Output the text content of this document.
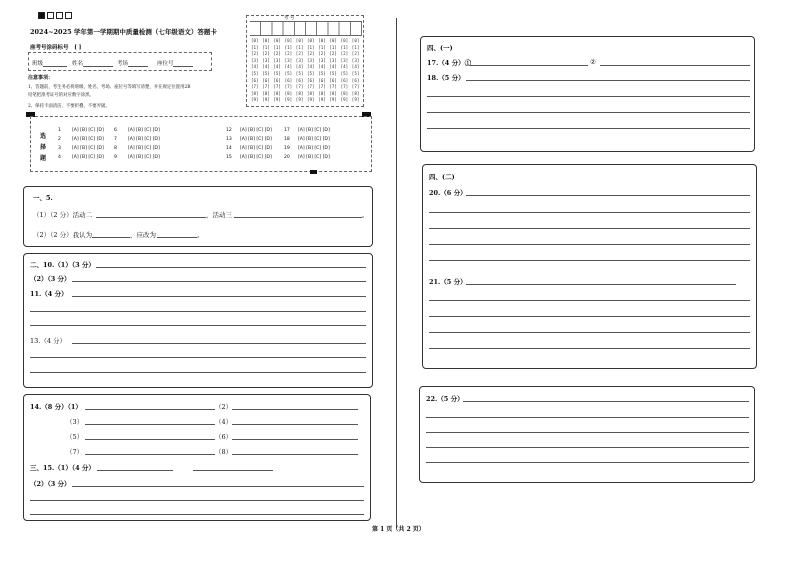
2024~2025 学年第一学期期中质量检测（七年级语文）答题卡
座考号涂码标号 [ ]
班级	姓名	考场	座位号
注意事项：
1、答题前，考生务必将班级、姓名、考场、座位号等填写清楚，并在规定位置用2B
铅笔把准考证号的对应数字涂黑。
2、保持卡面清洁，不要折叠、不要弄破。
考 号
[0] [0] [0] [0] [0] [0] [0] [0] [0] [0]
[1] [1] [1] [1] [1] [1] [1] [1] [1] [1]
[2] [2] [2] [2] [2] [2] [2] [2] [2] [2]
[3] [3] [3] [3] [3] [3] [3] [3] [3] [3]
[4] [4] [4] [4] [4] [4] [4] [4] [4] [4]
[5] [5] [5] [5] [5] [5] [5] [5] [5] [5]
[6] [6] [6] [6] [6] [6] [6] [6] [6] [6]
[7] [7] [7] [7] [7] [7] [7] [7] [7] [7]
[8] [8] [8] [8] [8] [8] [8] [8] [8] [8]
[9] [9] [9] [9] [9] [9] [9] [9] [9] [9]
选
择
题
1 [A] [B] [C] [D] 6 [A] [B] [C] [D]	12 [A] [B] [C] [D]	17 [A] [B] [C] [D]
2 [A] [B] [C] [D] 7 [A] [B] [C] [D]	13 [A] [B] [C] [D]	18 [A] [B] [C] [D]
3 [A] [B] [C] [D] 8 [A] [B] [C] [D]	14 [A] [B] [C] [D]	19 [A] [B] [C] [D]
4 [A] [B] [C] [D] 9 [A] [B] [C] [D]	15 [A] [B] [C] [D]	20 [A] [B] [C] [D]
一、5.
（1）（2 分）活动二	，活动三	。
（2）（2 分）我认为	，应改为	。
二、10.（1）（3 分）
（2）（3 分）
11.（4 分）
13.（4 分）
14.（8 分）（1）	（2）
（3）	（4）
（5）	（6）
（7）	（8）
三、15.（1）（4 分）
（2）（3 分）
四、(一)
17.（4 分）①	②
18.（5 分）
四、(二)
20.（6 分）
21.（5 分）
22.（5 分）
第 1 页（共 2 页）
